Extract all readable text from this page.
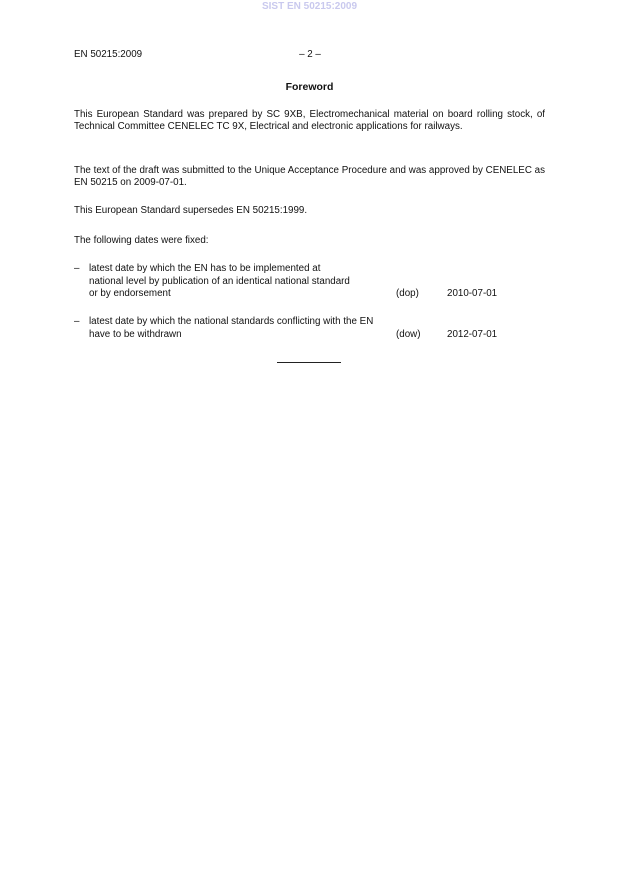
SIST EN 50215:2009
EN 50215:2009	– 2 –
Foreword
This European Standard was prepared by SC 9XB, Electromechanical material on board rolling stock, of Technical Committee CENELEC TC 9X, Electrical and electronic applications for railways.
The text of the draft was submitted to the Unique Acceptance Procedure and was approved by CENELEC as EN 50215 on 2009-07-01.
This European Standard supersedes EN 50215:1999.
The following dates were fixed:
– latest date by which the EN has to be implemented at national level by publication of an identical national standard or by endorsement	(dop)	2010-07-01
– latest date by which the national standards conflicting with the EN have to be withdrawn	(dow)	2012-07-01
